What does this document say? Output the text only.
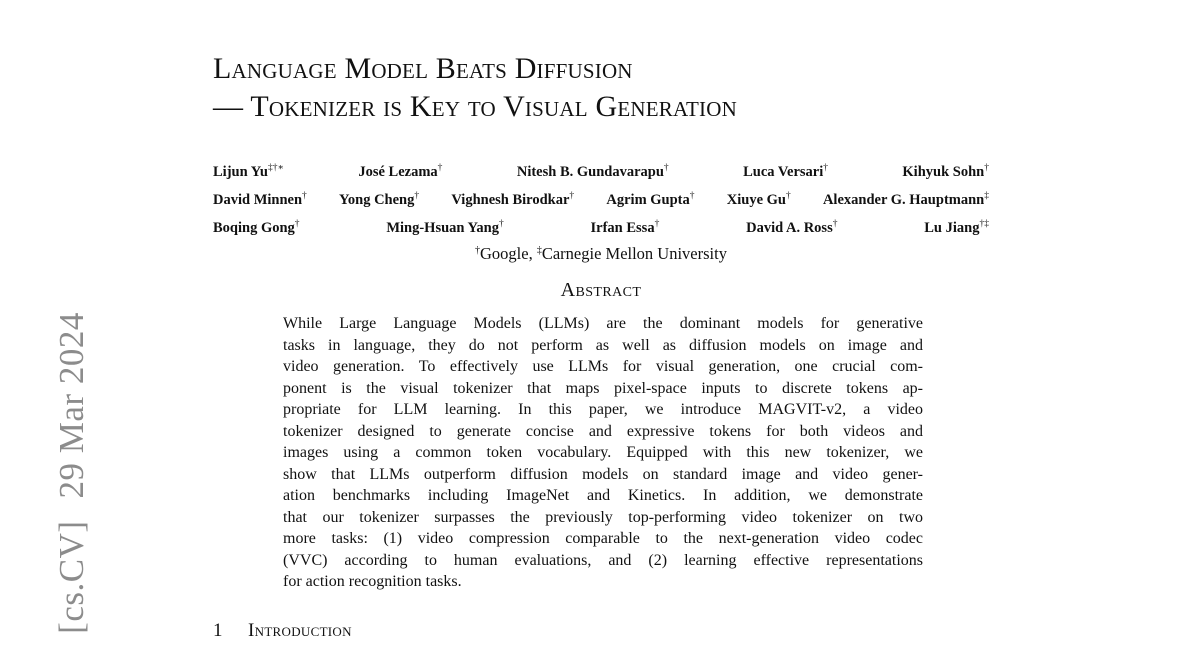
[cs.CV]29 Mar 2024
Language Model Beats Diffusion
— Tokenizer is Key to Visual Generation
Lijun Yu‡†∗	José Lezama†	Nitesh B. Gundavarapu†	Luca Versari†	Kihyuk Sohn†
David Minnen† Yong Cheng† Vighnesh Birodkar† Agrim Gupta† Xiuye Gu† Alexander G. Hauptmann‡
Boqing Gong†	Ming-Hsuan Yang†	Irfan Essa†	David A. Ross†	Lu Jiang†‡
†Google, ‡Carnegie Mellon University
Abstract
While Large Language Models (LLMs) are the dominant models for generative
tasks in language, they do not perform as well as diffusion models on image and
video generation. To effectively use LLMs for visual generation, one crucial com-
ponent is the visual tokenizer that maps pixel-space inputs to discrete tokens ap-
propriate for LLM learning. In this paper, we introduce MAGVIT-v2, a video
tokenizer designed to generate concise and expressive tokens for both videos and
images using a common token vocabulary. Equipped with this new tokenizer, we
show that LLMs outperform diffusion models on standard image and video gener-
ation benchmarks including ImageNet and Kinetics. In addition, we demonstrate
that our tokenizer surpasses the previously top-performing video tokenizer on two
more tasks: (1) video compression comparable to the next-generation video codec
(VVC) according to human evaluations, and (2) learning effective representations
for action recognition tasks.
1 Introduction
